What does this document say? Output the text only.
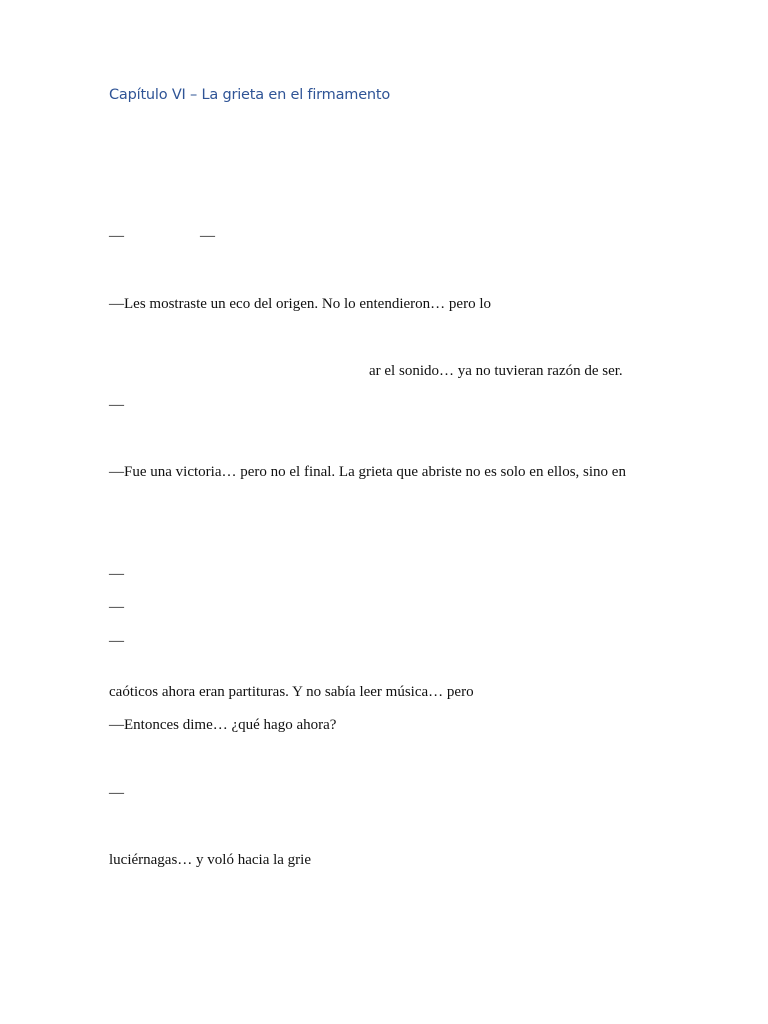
Capítulo VI – La grieta en el firmamento
—	—
—Les mostraste un eco del origen. No lo entendieron… pero lo
ar el sonido… ya no tuvieran razón de ser.
—
—Fue una victoria… pero no el final. La grieta que abriste no es solo en ellos, sino en
—
—
—
caóticos ahora eran partituras. Y no sabía leer música… pero
—Entonces dime… ¿qué hago ahora?
—
luciérnagas… y voló hacia la grie
